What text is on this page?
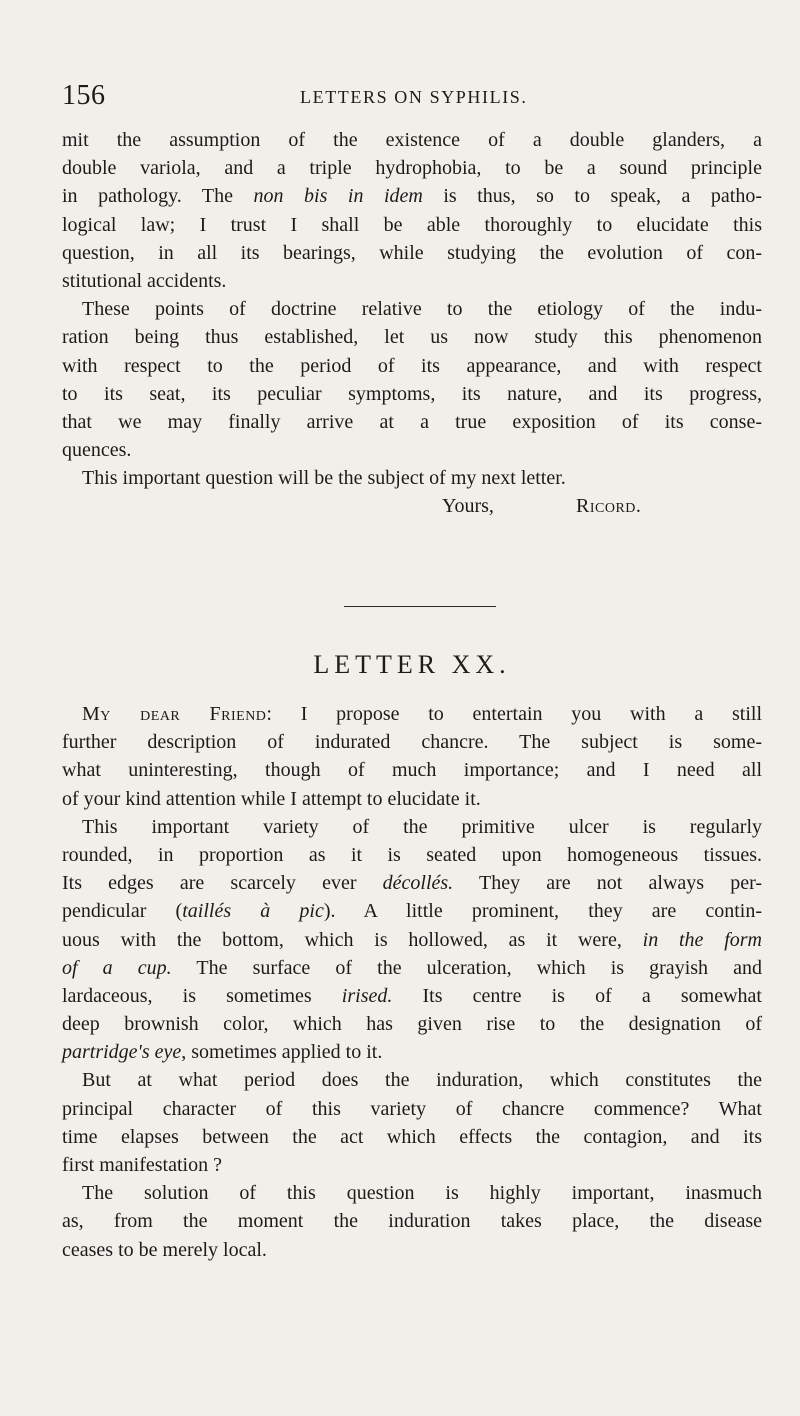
156	LETTERS ON SYPHILIS.
mit the assumption of the existence of a double glanders, a
double variola, and a triple hydrophobia, to be a sound principle
in pathology. The non bis in idem is thus, so to speak, a patho-
logical law; I trust I shall be able thoroughly to elucidate this
question, in all its bearings, while studying the evolution of con-
stitutional accidents.
These points of doctrine relative to the etiology of the indu-
ration being thus established, let us now study this phenomenon
with respect to the period of its appearance, and with respect
to its seat, its peculiar symptoms, its nature, and its progress,
that we may finally arrive at a true exposition of its conse-
quences.
This important question will be the subject of my next letter.
Yours,	Ricord.
LETTER XX.
My dear Friend: I propose to entertain you with a still
further description of indurated chancre. The subject is some-
what uninteresting, though of much importance; and I need all
of your kind attention while I attempt to elucidate it.
This important variety of the primitive ulcer is regularly
rounded, in proportion as it is seated upon homogeneous tissues.
Its edges are scarcely ever décollés. They are not always per-
pendicular (taillés à pic). A little prominent, they are contin-
uous with the bottom, which is hollowed, as it were, in the form
of a cup. The surface of the ulceration, which is grayish and
lardaceous, is sometimes irised. Its centre is of a somewhat
deep brownish color, which has given rise to the designation of
partridge's eye, sometimes applied to it.
But at what period does the induration, which constitutes the
principal character of this variety of chancre commence? What
time elapses between the act which effects the contagion, and its
first manifestation ?
The solution of this question is highly important, inasmuch
as, from the moment the induration takes place, the disease
ceases to be merely local.
